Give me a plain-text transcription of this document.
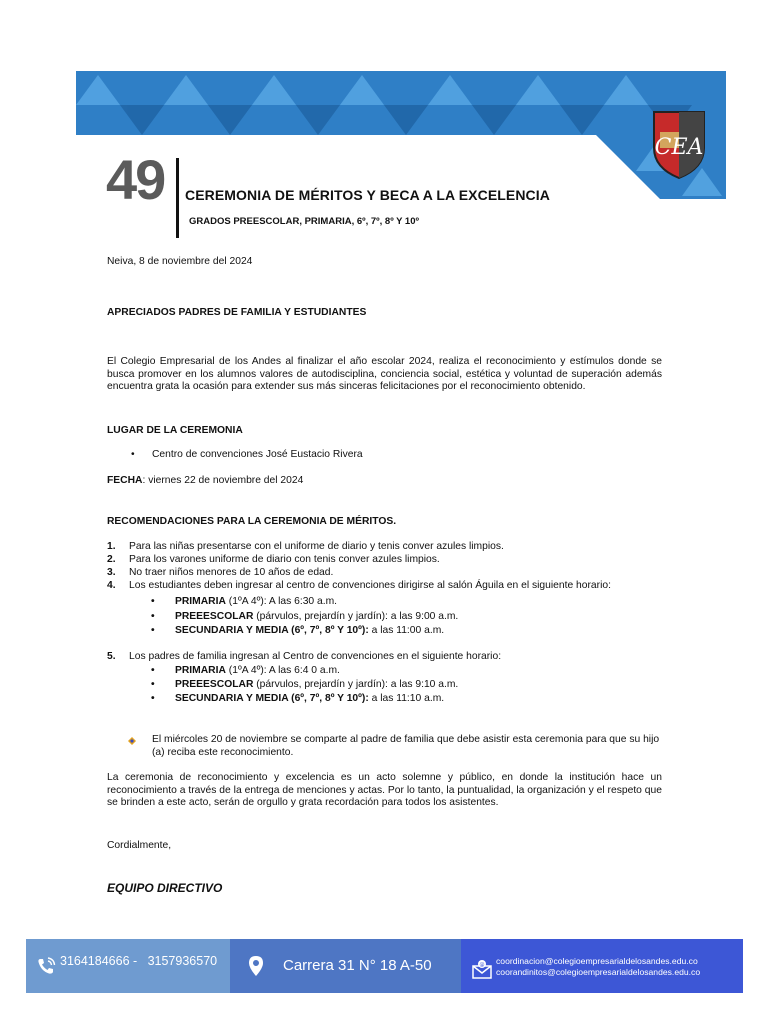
CEA
49 CEREMONIA DE MÉRITOS Y BECA A LA EXCELENCIA
GRADOS PREESCOLAR, PRIMARIA, 6º, 7º, 8º Y 10º
Neiva, 8 de noviembre del 2024
APRECIADOS PADRES DE FAMILIA Y ESTUDIANTES
El Colegio Empresarial de los Andes al finalizar el año escolar 2024, realiza el reconocimiento y estímulos donde se busca promover en los alumnos valores de autodisciplina, conciencia social, estética y voluntad de superación además encuentra grata la ocasión para extender sus más sinceras felicitaciones por el reconocimiento obtenido.
LUGAR DE LA CEREMONIA
•	Centro de convenciones José Eustacio Rivera
FECHA: viernes 22 de noviembre del 2024
RECOMENDACIONES PARA LA CEREMONIA DE MÉRITOS.
1. Para las niñas presentarse con el uniforme de diario y tenis conver azules limpios.
2. Para los varones uniforme de diario con tenis conver azules limpios.
3. No traer niños menores de 10 años de edad.
4. Los estudiantes deben ingresar al centro de convenciones dirigirse al salón Águila en el siguiente horario:
• PRIMARIA (1ºA 4º): A las 6:30 a.m.
• PREEESCOLAR (párvulos, prejardín y jardín): a las 9:00 a.m.
• SECUNDARIA Y MEDIA (6º, 7º, 8º Y 10º): a las 11:00 a.m.
5. Los padres de familia ingresan al Centro de convenciones en el siguiente horario:
• PRIMARIA (1ºA 4º): A las 6:4 0 a.m.
• PREEESCOLAR (párvulos, prejardín y jardín): a las 9:10 a.m.
• SECUNDARIA Y MEDIA (6º, 7º, 8º Y 10º): a las 11:10 a.m.
El miércoles 20 de noviembre se comparte al padre de familia que debe asistir esta ceremonia para que su hijo (a) reciba este reconocimiento.
La ceremonia de reconocimiento y excelencia es un acto solemne y público, en donde la institución hace un reconocimiento a través de la entrega de menciones y actas. Por lo tanto, la puntualidad, la organización y el respeto que se brinden a este acto, serán de orgullo y grata recordación para todos los asistentes.
Cordialmente,
EQUIPO DIRECTIVO
3164184666 -   3157936570	Carrera 31 N° 18 A-50	@ coordinacion@colegioempresarialdelosandes.edu.co
coorandinitos@colegioempresarialdelosandes.edu.co
